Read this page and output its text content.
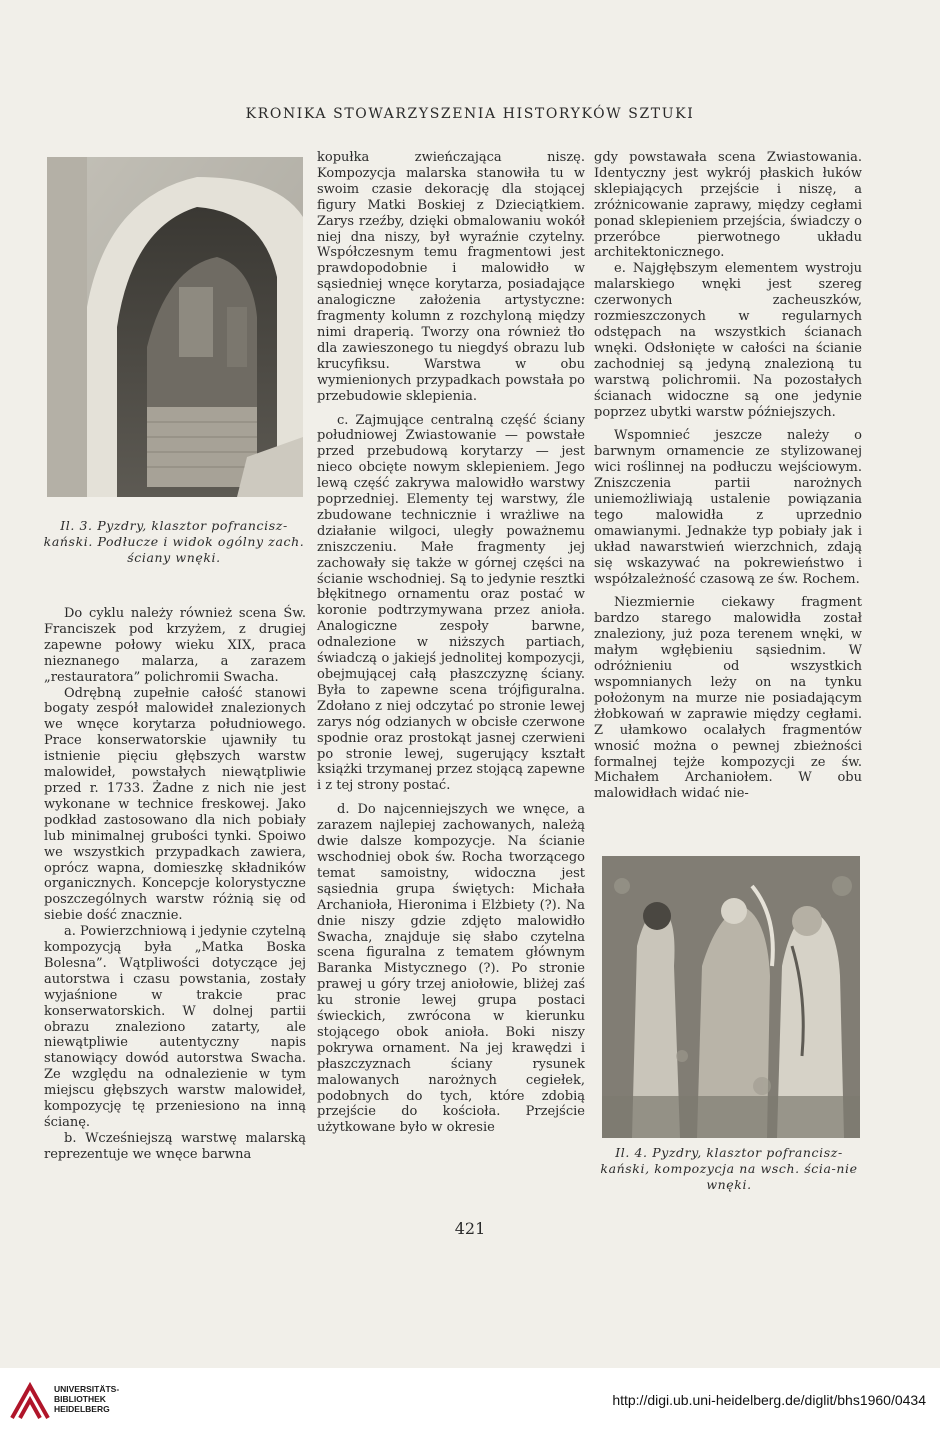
KRONIKA STOWARZYSZENIA HISTORYKÓW SZTUKI
Il. 3. Pyzdry, klasztor pofrancisz-kański. Podłucze i widok ogólny zach. ściany wnęki.
Il. 4. Pyzdry, klasztor pofrancisz-kański, kompozycja na wsch. ścia-nie wnęki.

Do cyklu należy również scena Św. Franciszek pod krzyżem, z drugiej zapewne połowy wieku XIX, praca nieznanego malarza, a zarazem „restauratora” polichromii Swacha.

Odrębną zupełnie całość stanowi bogaty zespół malowideł znalezionych we wnęce korytarza południowego. Prace konserwatorskie ujawniły tu istnienie pięciu głębszych warstw malowideł, powstałych niewątpliwie przed r. 1733. Żadne z nich nie jest wykonane w technice freskowej. Jako podkład zastosowano dla nich pobiały lub minimalnej grubości tynki. Spoiwo we wszystkich przypadkach zawiera, oprócz wapna, domieszkę składników organicznych. Koncepcje kolorystyczne poszczególnych warstw różnią się od siebie dość znacznie.

a. Powierzchniową i jedynie czytelną kompozycją była „Matka Boska Bolesna”. Wątpliwości dotyczące jej autorstwa i czasu powstania, zostały wyjaśnione w trakcie prac konserwatorskich. W dolnej partii obrazu znaleziono zatarty, ale niewątpliwie autentyczny napis stanowiący dowód autorstwa Swacha. Ze względu na odnalezienie w tym miejscu głębszych warstw malowideł, kompozycję tę przeniesiono na inną ścianę.

b. Wcześniejszą warstwę malarską reprezentuje we wnęce barwna

kopułka zwieńczająca niszę. Kompozycja malarska stanowiła tu w swoim czasie dekorację dla stojącej figury Matki Boskiej z Dzieciątkiem. Zarys rzeźby, dzięki obmalowaniu wokół niej dna niszy, był wyraźnie czytelny. Współczesnym temu fragmentowi jest prawdopodobnie i malowidło w sąsiedniej wnęce korytarza, posiadające analogiczne założenia artystyczne: fragmenty kolumn z rozchyloną między nimi draperią. Tworzy ona również tło dla zawieszonego tu niegdyś obrazu lub krucyfiksu. Warstwa w obu wymienionych przypadkach powstała po przebudowie sklepienia.

c. Zajmujące centralną część ściany południowej Zwiastowanie — powstałe przed przebudową korytarzy — jest nieco obcięte nowym sklepieniem. Jego lewą część zakrywa malowidło warstwy poprzedniej. Elementy tej warstwy, źle zbudowane technicznie i wrażliwe na działanie wilgoci, uległy poważnemu zniszczeniu. Małe fragmenty jej zachowały się także w górnej części na ścianie wschodniej. Są to jedynie resztki błękitnego ornamentu oraz postać w koronie podtrzymywana przez anioła. Analogiczne zespoły barwne, odnalezione w niższych partiach, świadczą o jakiejś jednolitej kompozycji, obejmującej całą płaszczyznę ściany. Była to zapewne scena trójfiguralna. Zdołano z niej odczytać po stronie lewej zarys nóg odzianych w obcisłe czerwone spodnie oraz prostokąt jasnej czerwieni po stronie lewej, sugerujący kształt książki trzymanej przez stojącą zapewne i z tej strony postać.

d. Do najcenniejszych we wnęce, a zarazem najlepiej zachowanych, należą dwie dalsze kompozycje. Na ścianie wschodniej obok św. Rocha tworzącego temat samoistny, widoczna jest sąsiednia grupa świętych: Michała Archanioła, Hieronima i Elżbiety (?). Na dnie niszy gdzie zdjęto malowidło Swacha, znajduje się słabo czytelna scena figuralna z tematem głównym Baranka Mistycznego (?). Po stronie prawej u góry trzej aniołowie, bliżej zaś ku stronie lewej grupa postaci świeckich, zwrócona w kierunku stojącego obok anioła. Boki niszy pokrywa ornament. Na jej krawędzi i płaszczyznach ściany rysunek malowanych narożnych cegiełek, podobnych do tych, które zdobią przejście do kościoła. Przejście użytkowane było w okresie

gdy powstawała scena Zwiastowania. Identyczny jest wykrój płaskich łuków sklepiających przejście i niszę, a zróżnicowanie zaprawy, między cegłami ponad sklepieniem przejścia, świadczy o przeróbce pierwotnego układu architektonicznego.

e. Najgłębszym elementem wystroju malarskiego wnęki jest szereg czerwonych zacheuszków, rozmieszczonych w regularnych odstępach na wszystkich ścianach wnęki. Odsłonięte w całości na ścianie zachodniej są jedyną znalezioną tu warstwą polichromii. Na pozostałych ścianach widoczne są one jedynie poprzez ubytki warstw późniejszych.

Wspomnieć jeszcze należy o barwnym ornamencie ze stylizowanej wici roślinnej na podłuczu wejściowym. Zniszczenia partii narożnych uniemożliwiają ustalenie powiązania tego malowidła z uprzednio omawianymi. Jednakże typ pobiały jak i układ nawarstwień wierzchnich, zdają się wskazywać na pokrewieństwo i współzależność czasową ze św. Rochem.

Niezmiernie ciekawy fragment bardzo starego malowidła został znaleziony, już poza terenem wnęki, w małym wgłębieniu sąsiednim. W odróżnieniu od wszystkich wspomnianych leży on na tynku położonym na murze nie posiadającym żłobkowań w zaprawie między cegłami. Z ułamkowo ocalałych fragmentów wnosić można o pewnej zbieżności formalnej tejże kompozycji ze św. Michałem Archaniołem. W obu malowidłach widać nie-

421
UNIVERSITÄTS-
BIBLIOTHEK
HEIDELBERG
http://digi.ub.uni-heidelberg.de/diglit/bhs1960/0434
